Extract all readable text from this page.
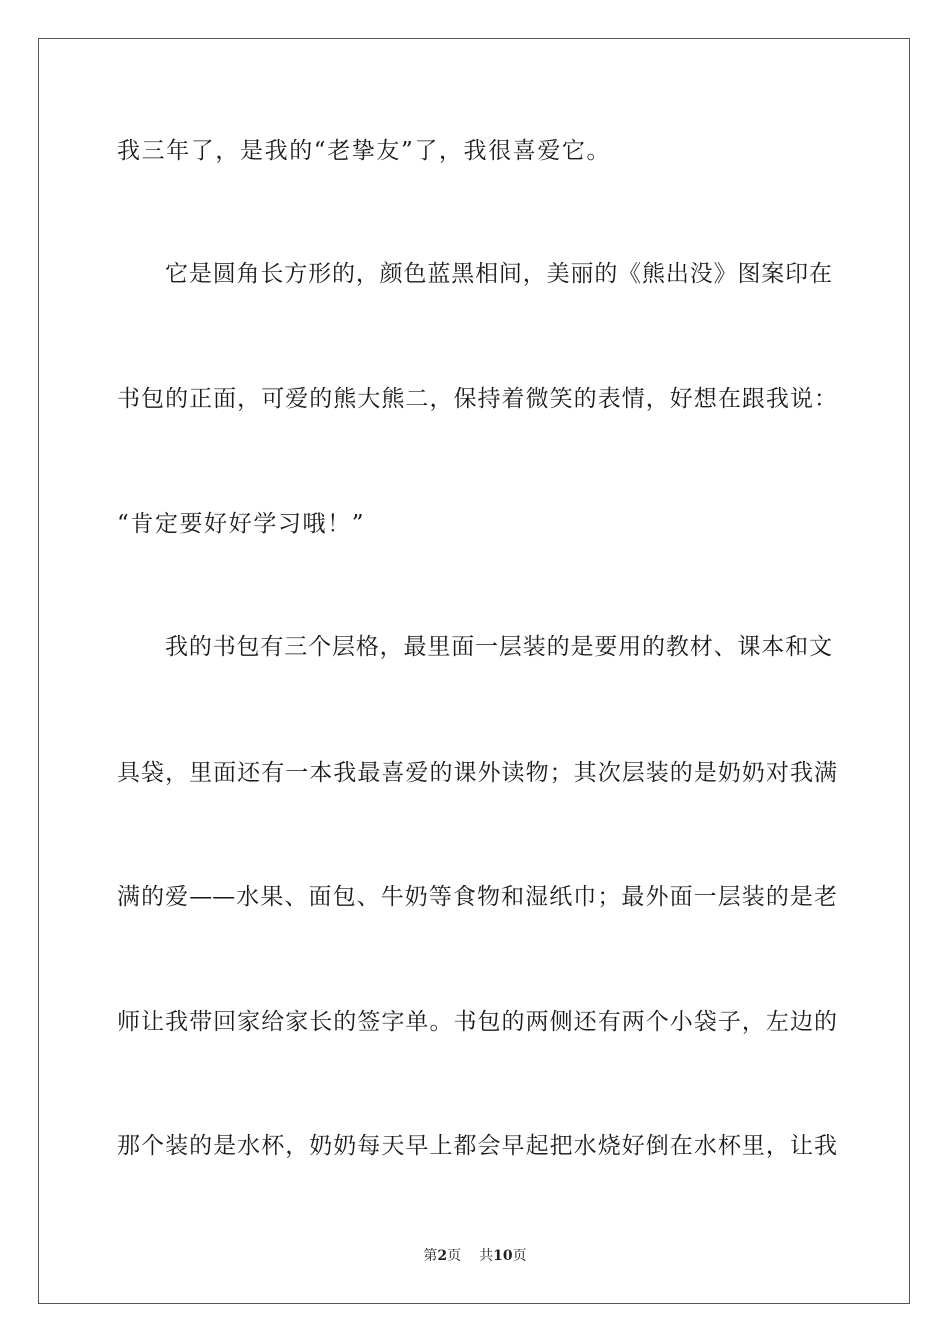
我三年了，是我的“老挚友”了，我很喜爱它。
它是圆角长方形的，颜色蓝黑相间，美丽的《熊出没》图案印在
书包的正面，可爱的熊大熊二，保持着微笑的表情，好想在跟我说：
“肯定要好好学习哦！”
我的书包有三个层格，最里面一层装的是要用的教材、课本和文
具袋，里面还有一本我最喜爱的课外读物；其次层装的是奶奶对我满
满的爱——水果、面包、牛奶等食物和湿纸巾；最外面一层装的是老
师让我带回家给家长的签字单。书包的两侧还有两个小袋子，左边的
那个装的是水杯，奶奶每天早上都会早起把水烧好倒在水杯里，让我
第2页 共10页
